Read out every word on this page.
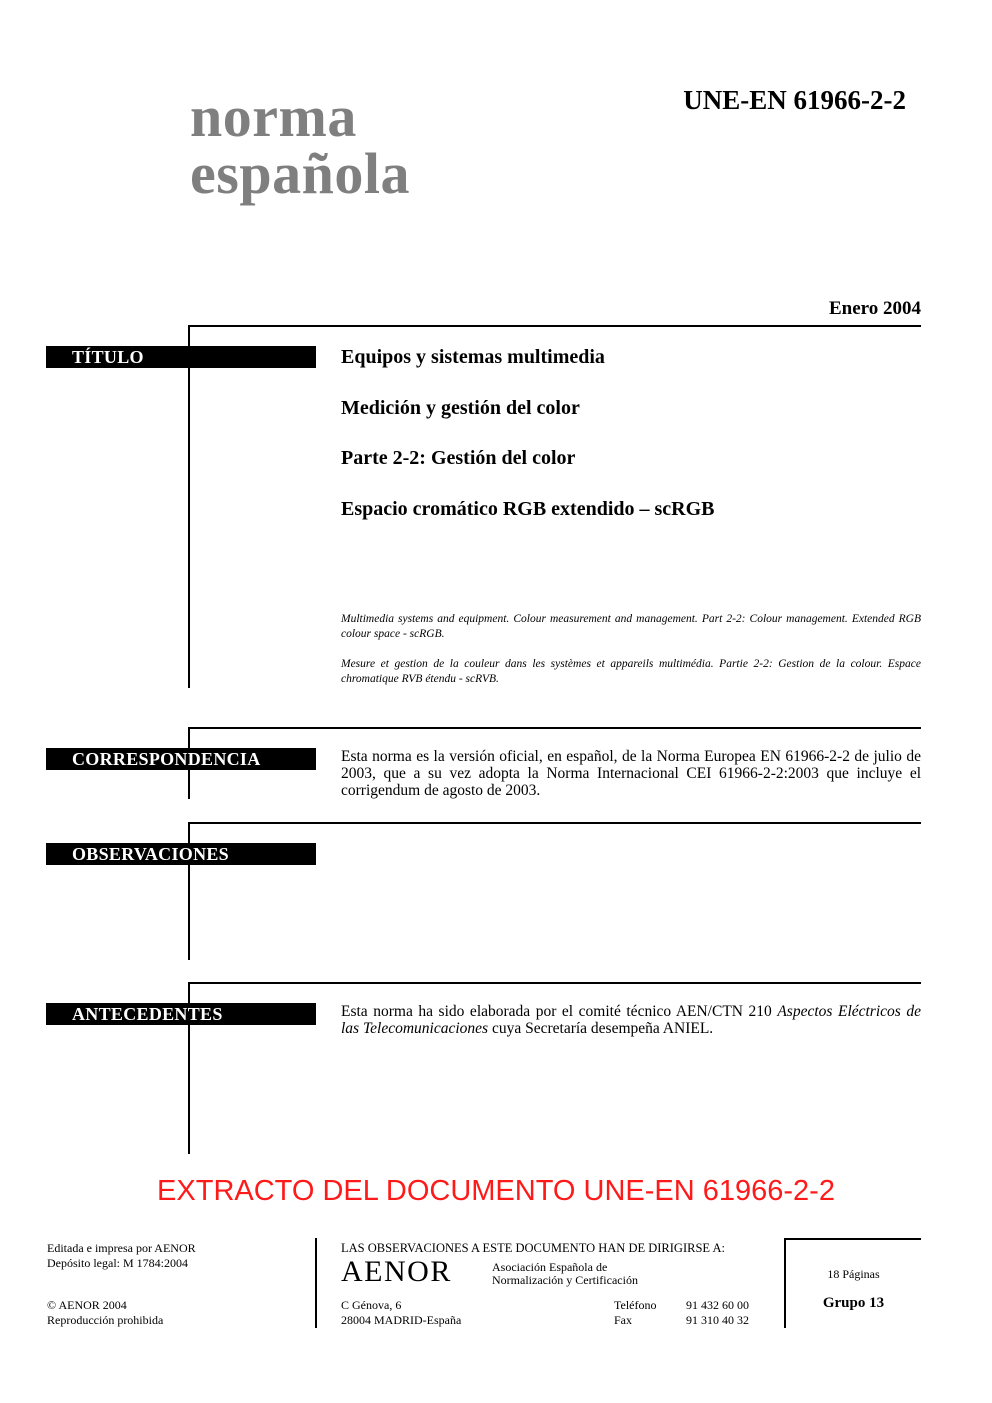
norma
española
UNE-EN 61966-2-2
Enero 2004
TÍTULO	Equipos y sistemas multimedia
Medición y gestión del color
Parte 2-2: Gestión del color
Espacio cromático RGB extendido – scRGB
Multimedia systems and equipment. Colour measurement and management. Part 2-2: Colour management. Extended RGB colour space - scRGB.
Mesure et gestion de la couleur dans les systèmes et appareils multimédia. Partie 2-2: Gestion de la colour. Espace chromatique RVB étendu - scRVB.
CORRESPONDENCIA	Esta norma es la versión oficial, en español, de la Norma Europea EN 61966-2-2 de julio de 2003, que a su vez adopta la Norma Internacional CEI 61966-2-2:2003 que incluye el corrigendum de agosto de 2003.
OBSERVACIONES
ANTECEDENTES	Esta norma ha sido elaborada por el comité técnico AEN/CTN 210 Aspectos Eléctricos de las Telecomunicaciones cuya Secretaría desempeña ANIEL.
EXTRACTO DEL DOCUMENTO UNE-EN 61966-2-2
Editada e impresa por AENOR
Depósito legal: M 1784:2004
© AENOR 2004
Reproducción prohibida
LAS OBSERVACIONES A ESTE DOCUMENTO HAN DE DIRIGIRSE A:
AENOR	Asociación Española de
Normalización y Certificación
C Génova, 6
28004 MADRID-España
Teléfono 91 432 60 00
Fax	91 310 40 32
18 Páginas
Grupo 13
